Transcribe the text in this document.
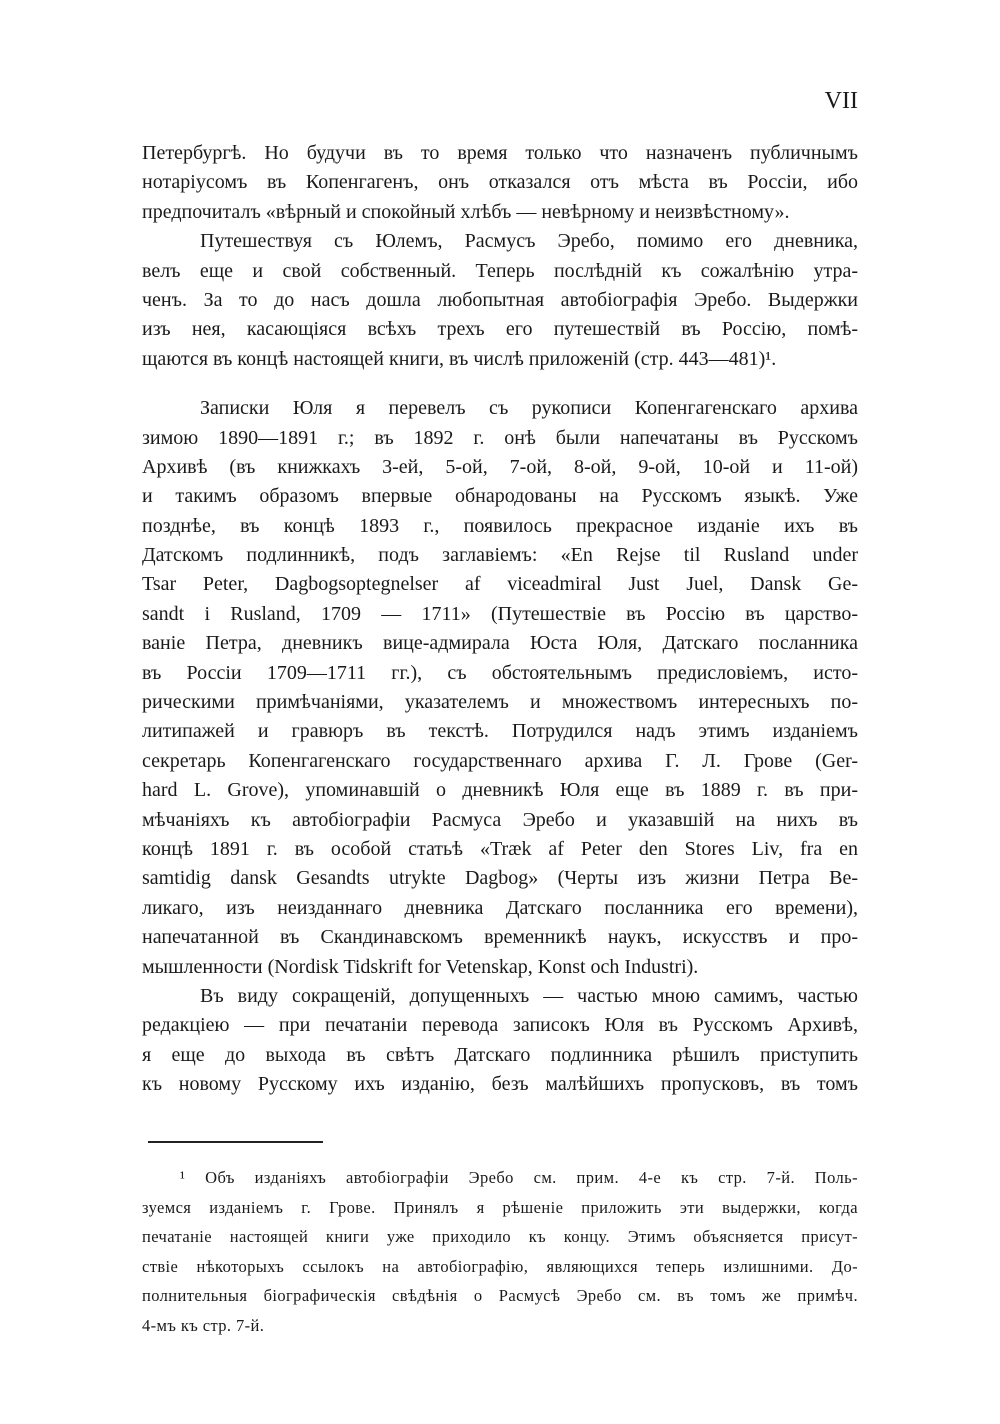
VII
Петербургѣ. Но будучи въ то время только что назначенъ публичнымъ
нотаріусомъ въ Копенгагенъ, онъ отказался отъ мѣста въ Россіи, ибо
предпочиталъ «вѣрный и спокойный хлѣбъ — невѣрному и неизвѣстному».
Путешествуя съ Юлемъ, Расмусъ Эребо, помимо его дневника,
велъ еще и свой собственный. Теперь послѣдній къ сожалѣнію утра-
ченъ. За то до насъ дошла любопытная автобіографія Эребо. Выдержки
изъ нея, касающіяся всѣхъ трехъ его путешествій въ Россію, помѣ-
щаются въ концѣ настоящей книги, въ числѣ приложеній (стр. 443—481)¹.
Записки Юля я перевелъ съ рукописи Копенгагенскаго архива
зимою 1890—1891 г.; въ 1892 г. онѣ были напечатаны въ Русскомъ
Архивѣ (въ книжкахъ 3-ей, 5-ой, 7-ой, 8-ой, 9-ой, 10-ой и 11-ой)
и такимъ образомъ впервые обнародованы на Русскомъ языкѣ. Уже
позднѣе, въ концѣ 1893 г., появилось прекрасное изданіе ихъ въ
Датскомъ подлинникѣ, подъ заглавіемъ: «En Rejse til Rusland under
Tsar Peter, Dagbogsoptegnelser af viceadmiral Just Juel, Dansk Ge-
sandt i Rusland, 1709 — 1711» (Путешествіе въ Россію въ царство-
ваніе Петра, дневникъ вице-адмирала Юста Юля, Датскаго посланника
въ Россіи 1709—1711 гг.), съ обстоятельнымъ предисловіемъ, исто-
рическими примѣчаніями, указателемъ и множествомъ интересныхъ по-
литипажей и гравюръ въ текстѣ. Потрудился надъ этимъ изданіемъ
секретарь Копенгагенскаго государственнаго архива Г. Л. Грове (Ger-
hard L. Grove), упоминавшій о дневникѣ Юля еще въ 1889 г. въ при-
мѣчаніяхъ къ автобіографіи Расмуса Эребо и указавшій на нихъ въ
концѣ 1891 г. въ особой статьѣ «Træk af Peter den Stores Liv, fra en
samtidig dansk Gesandts utrykte Dagbog» (Черты изъ жизни Петра Ве-
ликаго, изъ неизданнаго дневника Датскаго посланника его времени),
напечатанной въ Скандинавскомъ временникѣ наукъ, искусствъ и про-
мышленности (Nordisk Tidskrift for Vetenskap, Konst och Industri).
Въ виду сокращеній, допущенныхъ — частью мною самимъ, частью
редакціею — при печатаніи перевода записокъ Юля въ Русскомъ Архивѣ,
я еще до выхода въ свѣтъ Датскаго подлинника рѣшилъ приступить
къ новому Русскому ихъ изданію, безъ малѣйшихъ пропусковъ, въ томъ
¹ Объ изданіяхъ автобіографіи Эребо см. прим. 4-е къ стр. 7-й. Поль-
зуемся изданіемъ г. Грове. Принялъ я рѣшеніе приложить эти выдержки, когда
печатаніе настоящей книги уже приходило къ концу. Этимъ объясняется присут-
ствіе нѣкоторыхъ ссылокъ на автобіографію, являющихся теперь излишними. До-
полнительныя біографическія свѣдѣнія о Расмусѣ Эребо см. въ томъ же примѣч.
4-мъ къ стр. 7-й.
